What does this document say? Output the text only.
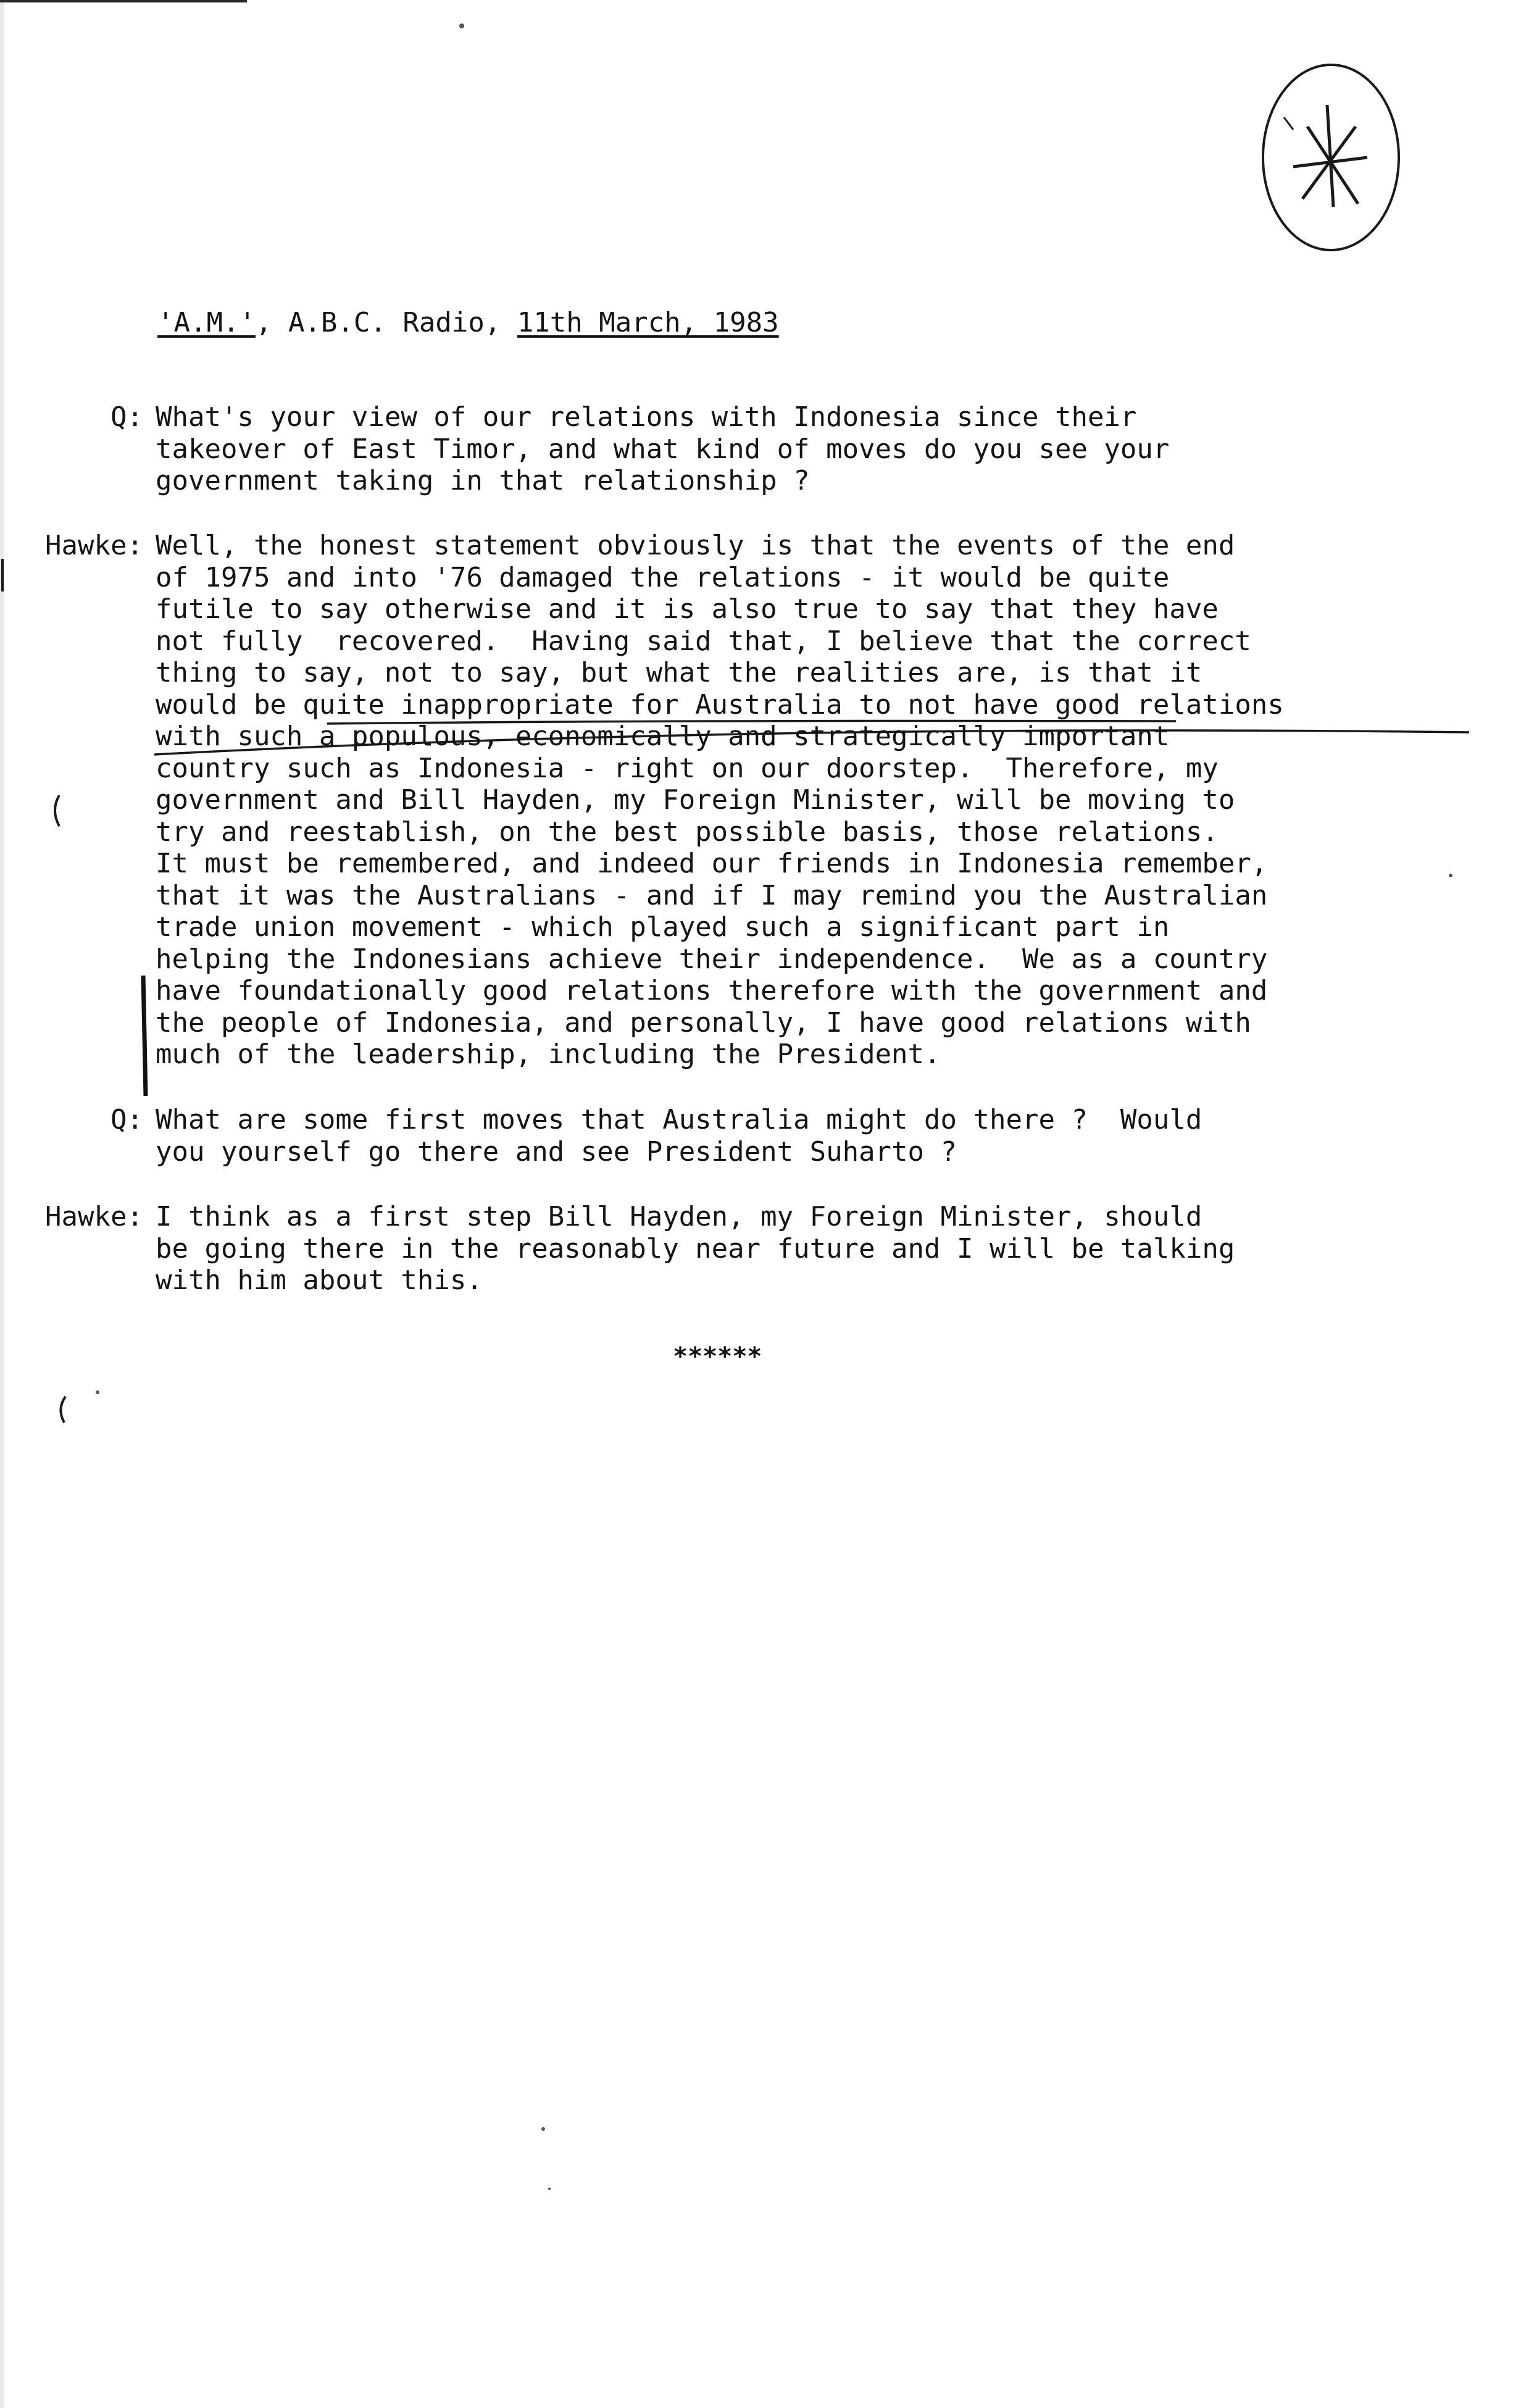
'A.M.', A.B.C. Radio, 11th March, 1983
Q: What's your view of our relations with Indonesia since their
takeover of East Timor, and what kind of moves do you see your
government taking in that relationship ?
Hawke: Well, the honest statement obviously is that the events of the end
of 1975 and into '76 damaged the relations - it would be quite
futile to say otherwise and it is also true to say that they have
not fully  recovered.  Having said that, I believe that the correct
thing to say, not to say, but what the realities are, is that it
would be quite inappropriate for Australia to not have good relations
with such a populous, economically and strategically important
country such as Indonesia - right on our doorstep.  Therefore, my
government and Bill Hayden, my Foreign Minister, will be moving to
try and reestablish, on the best possible basis, those relations.
It must be remembered, and indeed our friends in Indonesia remember,
that it was the Australians - and if I may remind you the Australian
trade union movement - which played such a significant part in
helping the Indonesians achieve their independence.  We as a country
have foundationally good relations therefore with the government and
the people of Indonesia, and personally, I have good relations with
much of the leadership, including the President.
Q: What are some first moves that Australia might do there ?  Would
you yourself go there and see President Suharto ?
Hawke: I think as a first step Bill Hayden, my Foreign Minister, should
be going there in the reasonably near future and I will be talking
with him about this.
******
